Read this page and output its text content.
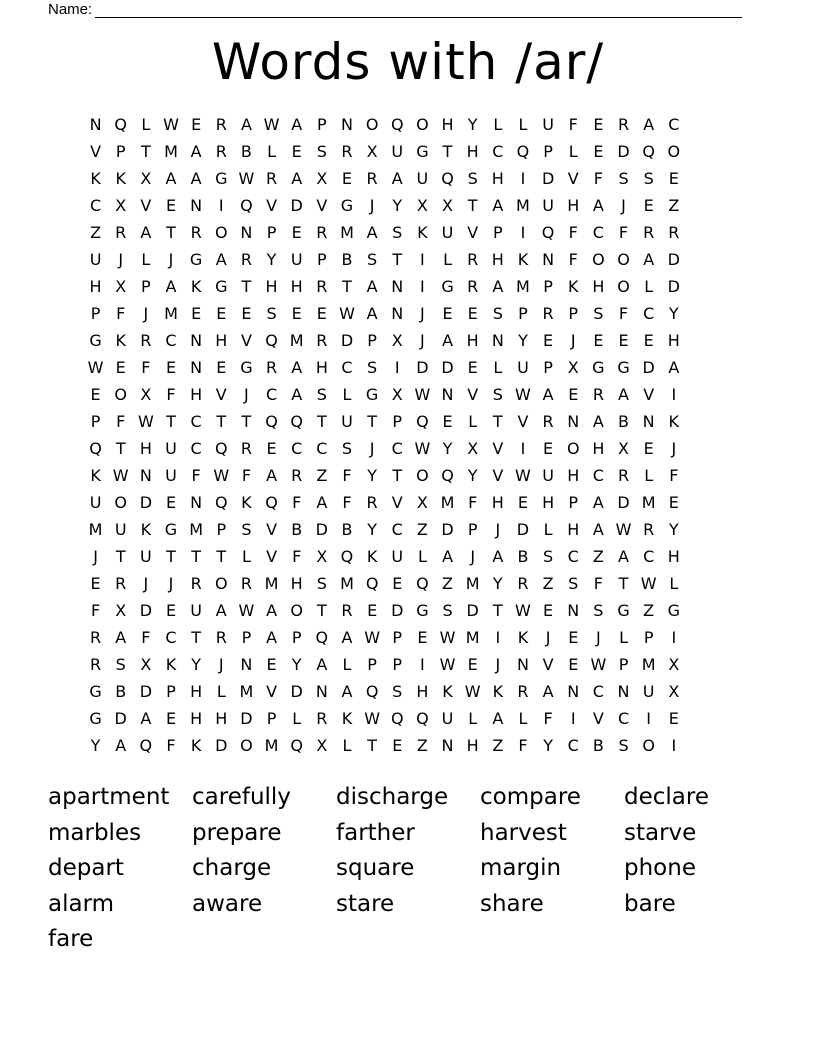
Name:
Words with /ar/
N Q L W E R A W A P N O Q O H Y L	L U F E R A C
V P T M A R B L E S R X U G T H C Q P L E D Q O
K K X A A G W R A X E R A U Q S H	I	D V F S S E
C X V E N	I	Q V D V G	J	Y X X T A M U H A	J	E Z
Z R A T R O N P E R M A S K U V P	I	Q F C F R R
U	J	L	J	G A R Y U P B S T	I	L R H K N F O O A D
H X P A K G T H H R T A N	I	G R A M P K H O L D
P F	J M E E E S E E W A N	J	E E S P R P S F C Y
G K R C N H V Q M R D P X	J	A H N Y E	J	E E E H
W E F E N E G R A H C S	I	D D E L U P X G G D A
E O X F H V	J	C A S L G X W N V S W A E R A V	I
P F W T C T T Q Q T U T P Q E L T V R N A B N K
Q T H U C Q R E C C S	J	C W Y X V	I	E O H X E	J
K W N U F W F A R Z F Y T O Q Y V W U H C R L	F
U O D E N Q K Q F A F R V X M F H E H P A D M E
M U K G M P S V B D B Y C Z D P	J	D L H A W R Y
J	T U T T T L V F X Q K U L A	J	A B S C Z A C H
E R	J	J	R O R M H S M Q E Q Z M Y R Z S F T W L
F X D E U A W A O T R E D G S D T W E N S G Z G
R A F C T R P A P Q A W P E W M I	K	J	E	J	L P	I
R S X K Y	J	N E Y A L P P	I W E	J	N V E W P M X
G B D P H L M V D N A Q S H K W K R A N C N U X
G D A E H H D P L R K W Q Q U L A L	F	I	V C	I	E
Y A Q F K D O M Q X L T E Z N H Z F Y C B S O	I
apartment carefully	discharge	compare	declare
marbles	prepare	farther	harvest	starve
depart	charge	square	margin	phone
alarm	aware	stare	share	bare
fare
